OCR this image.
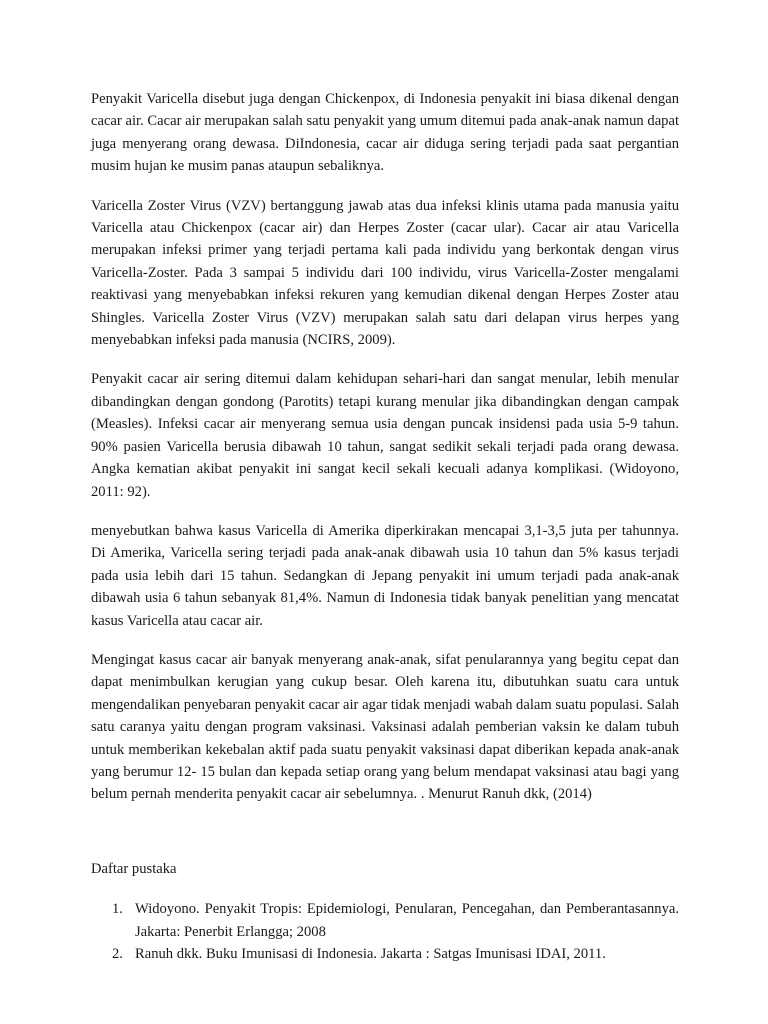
Penyakit Varicella disebut juga dengan Chickenpox, di Indonesia penyakit ini biasa dikenal dengan cacar air. Cacar air merupakan salah satu penyakit yang umum ditemui pada anak-anak namun dapat juga menyerang orang dewasa. DiIndonesia, cacar air diduga sering terjadi pada saat pergantian musim hujan ke musim panas ataupun sebaliknya.

Varicella Zoster Virus (VZV) bertanggung jawab atas dua infeksi klinis utama pada manusia yaitu Varicella atau Chickenpox (cacar air) dan Herpes Zoster (cacar ular). Cacar air atau Varicella merupakan infeksi primer yang terjadi pertama kali pada individu yang berkontak dengan virus Varicella-Zoster. Pada 3 sampai 5 individu dari 100 individu, virus Varicella-Zoster mengalami reaktivasi yang menyebabkan infeksi rekuren yang kemudian dikenal dengan Herpes Zoster atau Shingles. Varicella Zoster Virus (VZV) merupakan salah satu dari delapan virus herpes yang menyebabkan infeksi pada manusia (NCIRS, 2009).

Penyakit cacar air sering ditemui dalam kehidupan sehari-hari dan sangat menular, lebih menular dibandingkan dengan gondong (Parotits) tetapi kurang menular jika dibandingkan dengan campak (Measles). Infeksi cacar air menyerang semua usia dengan puncak insidensi pada usia 5-9 tahun. 90% pasien Varicella berusia dibawah 10 tahun, sangat sedikit sekali terjadi pada orang dewasa. Angka kematian akibat penyakit ini sangat kecil sekali kecuali adanya komplikasi. (Widoyono, 2011: 92).

menyebutkan bahwa kasus Varicella di Amerika diperkirakan mencapai 3,1-3,5 juta per tahunnya. Di Amerika, Varicella sering terjadi pada anak-anak dibawah usia 10 tahun dan 5% kasus terjadi pada usia lebih dari 15 tahun. Sedangkan di Jepang penyakit ini umum terjadi pada anak-anak dibawah usia 6 tahun sebanyak 81,4%. Namun di Indonesia tidak banyak penelitian yang mencatat kasus Varicella atau cacar air.

Mengingat kasus cacar air banyak menyerang anak-anak, sifat penularannya yang begitu cepat dan dapat menimbulkan kerugian yang cukup besar. Oleh karena itu, dibutuhkan suatu cara untuk mengendalikan penyebaran penyakit cacar air agar tidak menjadi wabah dalam suatu populasi. Salah satu caranya yaitu dengan program vaksinasi. Vaksinasi adalah pemberian vaksin ke dalam tubuh untuk memberikan kekebalan aktif pada suatu penyakit vaksinasi dapat diberikan kepada anak-anak yang berumur 12- 15 bulan dan kepada setiap orang yang belum mendapat vaksinasi atau bagi yang belum pernah menderita penyakit cacar air sebelumnya. . Menurut Ranuh dkk, (2014)

Daftar pustaka
1. Widoyono. Penyakit Tropis: Epidemiologi, Penularan, Pencegahan, dan Pemberantasannya. Jakarta: Penerbit Erlangga; 2008
2. Ranuh dkk. Buku Imunisasi di Indonesia. Jakarta : Satgas Imunisasi IDAI, 2011.
